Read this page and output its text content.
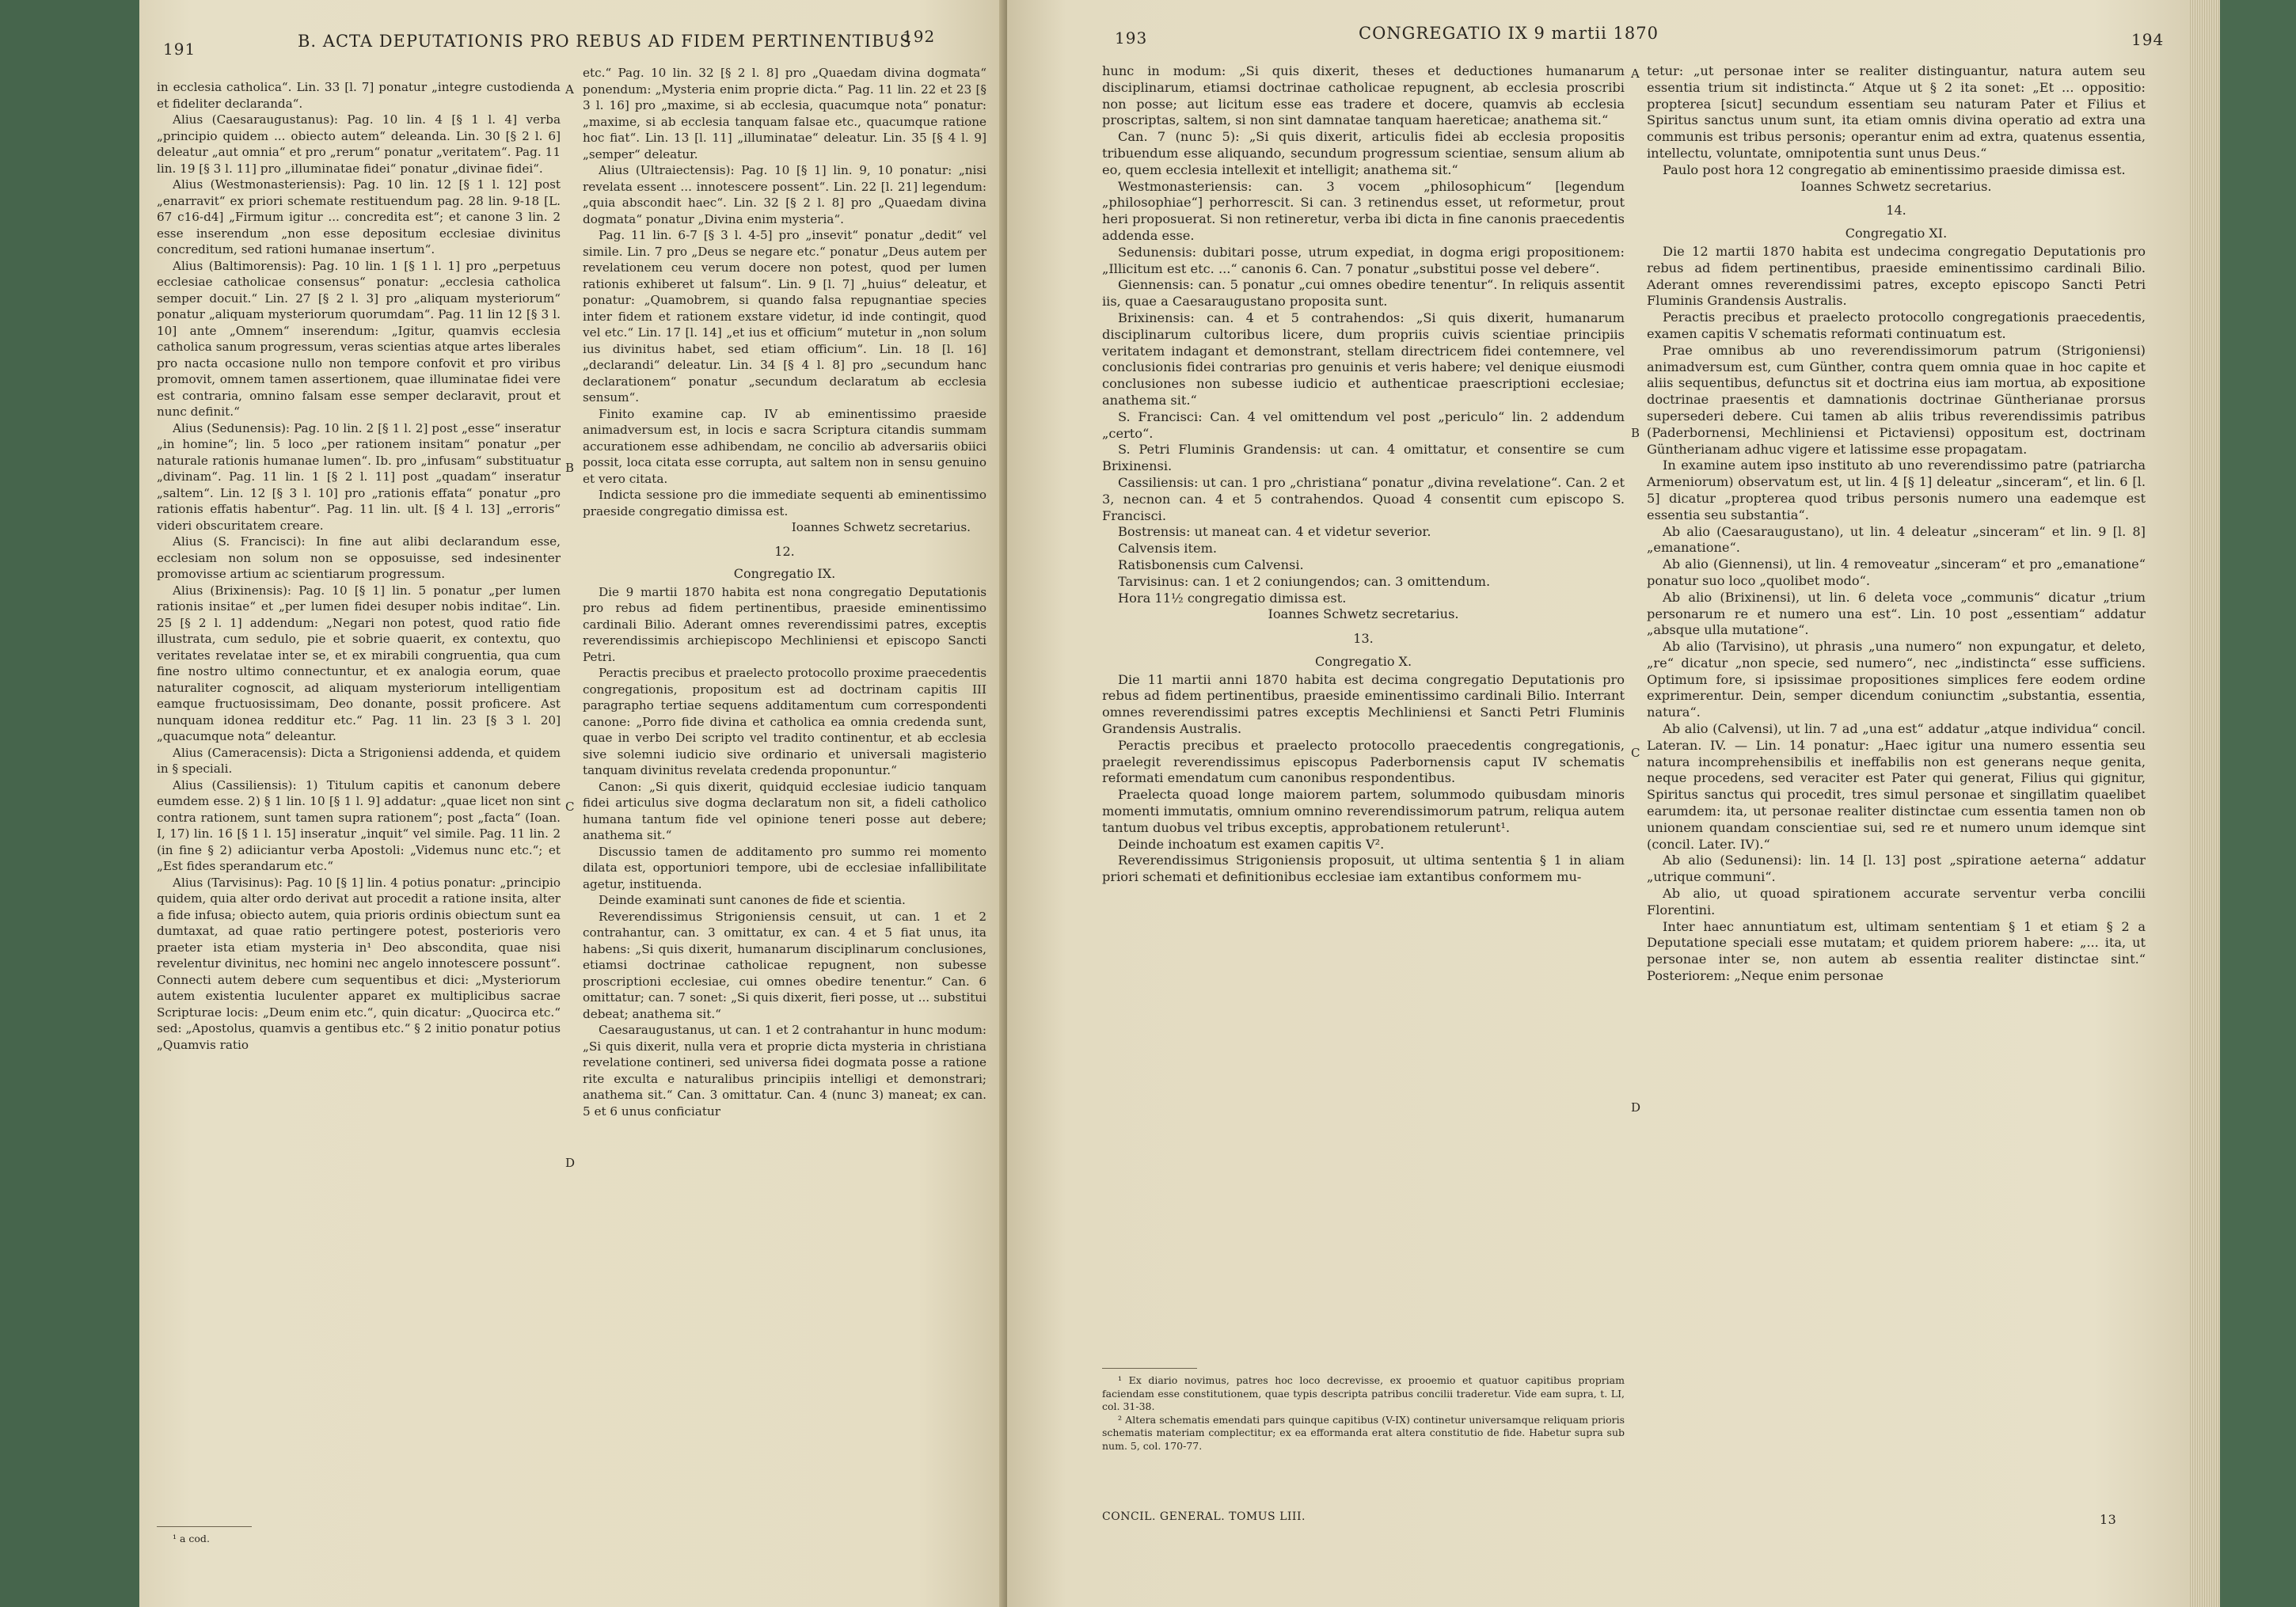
191	B. ACTA DEPUTATIONIS PRO REBUS AD FIDEM PERTINENTIBUS
192

in ecclesia catholica“. Lin. 33 [l. 7] ponatur „integre custodienda et fideliter declaranda“.

Alius (Caesaraugustanus): Pag. 10 lin. 4 [§ 1 l. 4] verba „principio quidem ... obiecto autem“ deleanda. Lin. 30 [§ 2 l. 6] deleatur „aut omnia“ et pro „rerum“ ponatur „veritatem“. Pag. 11 lin. 19 [§ 3 l. 11] pro „illuminatae fidei“ ponatur „divinae fidei“.

Alius (Westmonasteriensis): Pag. 10 lin. 12 [§ 1 l. 12] post „enarravit“ ex priori schemate restituendum pag. 28 lin. 9-18 [L. 67 c16-d4] „Firmum igitur ... concredita est“; et canone 3 lin. 2 esse inserendum „non esse depositum ecclesiae divinitus concreditum, sed rationi humanae insertum“.

Alius (Baltimorensis): Pag. 10 lin. 1 [§ 1 l. 1] pro „perpetuus ecclesiae catholicae consensus“ ponatur: „ecclesia catholica semper docuit.“ Lin. 27 [§ 2 l. 3] pro „aliquam mysteriorum“ ponatur „aliquam mysteriorum quorumdam“. Pag. 11 lin 12 [§ 3 l. 10] ante „Omnem“ inserendum: „Igitur, quamvis ecclesia catholica sanum progressum, veras scientias atque artes liberales pro nacta occasione nullo non tempore confovit et pro viribus promovit, omnem tamen assertionem, quae illuminatae fidei vere est contraria, omnino falsam esse semper declaravit, prout et nunc definit.“

Alius (Sedunensis): Pag. 10 lin. 2 [§ 1 l. 2] post „esse“ inseratur „in homine“; lin. 5 loco „per rationem insitam“ ponatur „per naturale rationis humanae lumen“. Ib. pro „infusam“ substituatur „divinam“. Pag. 11 lin. 1 [§ 2 l. 11] post „quadam“ inseratur „saltem“. Lin. 12 [§ 3 l. 10] pro „rationis effata“ ponatur „pro rationis effatis habentur“. Pag. 11 lin. ult. [§ 4 l. 13] „erroris“ videri obscuritatem creare.

Alius (S. Francisci): In fine aut alibi declarandum esse, ecclesiam non solum non se opposuisse, sed indesinenter promovisse artium ac scientiarum progressum.

Alius (Brixinensis): Pag. 10 [§ 1] lin. 5 ponatur „per lumen rationis insitae“ et „per lumen fidei desuper nobis inditae“. Lin. 25 [§ 2 l. 1] addendum: „Negari non potest, quod ratio fide illustrata, cum sedulo, pie et sobrie quaerit, ex contextu, quo veritates revelatae inter se, et ex mirabili congruentia, qua cum fine nostro ultimo connectuntur, et ex analogia eorum, quae naturaliter cognoscit, ad aliquam mysteriorum intelligentiam eamque fructuosissimam, Deo donante, possit proficere. Ast nunquam idonea redditur etc.“ Pag. 11 lin. 23 [§ 3 l. 20] „quacumque nota“ deleantur.

Alius (Cameracensis): Dicta a Strigoniensi addenda, et quidem in § speciali.

Alius (Cassiliensis): 1) Titulum capitis et canonum debere eumdem esse. 2) § 1 lin. 10 [§ 1 l. 9] addatur: „quae licet non sint contra rationem, sunt tamen supra rationem“; post „facta“ (Ioan. I, 17) lin. 16 [§ 1 l. 15] inseratur „inquit“ vel simile. Pag. 11 lin. 2 (in fine § 2) adiiciantur verba Apostoli: „Videmus nunc etc.“; et „Est fides sperandarum etc.“

Alius (Tarvisinus): Pag. 10 [§ 1] lin. 4 potius ponatur: „principio quidem, quia alter ordo derivat aut procedit a ratione insita, alter a fide infusa; obiecto autem, quia prioris ordinis obiectum sunt ea dumtaxat, ad quae ratio pertingere potest, posterioris vero praeter ista etiam mysteria in¹ Deo abscondita, quae nisi revelentur divinitus, nec homini nec angelo innotescere possunt“. Connecti autem debere cum sequentibus et dici: „Mysteriorum autem existentia luculenter apparet ex multiplicibus sacrae Scripturae locis: „Deum enim etc.“, quin dicatur: „Quocirca etc.“ sed: „Apostolus, quamvis a gentibus etc.“ § 2 initio ponatur potius „Quamvis ratio

¹ a cod.
A
B
C
D

etc.“ Pag. 10 lin. 32 [§ 2 l. 8] pro „Quaedam divina dogmata“ ponendum: „Mysteria enim proprie dicta.“ Pag. 11 lin. 22 et 23 [§ 3 l. 16] pro „maxime, si ab ecclesia, quacumque nota“ ponatur: „maxime, si ab ecclesia tanquam falsae etc., quacumque ratione hoc fiat“. Lin. 13 [l. 11] „illuminatae“ deleatur. Lin. 35 [§ 4 l. 9] „semper“ deleatur.

Alius (Ultraiectensis): Pag. 10 [§ 1] lin. 9, 10 ponatur: „nisi revelata essent ... innotescere possent“. Lin. 22 [l. 21] legendum: „quia abscondit haec“. Lin. 32 [§ 2 l. 8] pro „Quaedam divina dogmata“ ponatur „Divina enim mysteria“.

Pag. 11 lin. 6-7 [§ 3 l. 4-5] pro „insevit“ ponatur „dedit“ vel simile. Lin. 7 pro „Deus se negare etc.“ ponatur „Deus autem per revelationem ceu verum docere non potest, quod per lumen rationis exhiberet ut falsum“. Lin. 9 [l. 7] „huius“ deleatur, et ponatur: „Quamobrem, si quando falsa repugnantiae species inter fidem et rationem exstare videtur, id inde contingit, quod vel etc.“ Lin. 17 [l. 14] „et ius et officium“ mutetur in „non solum ius divinitus habet, sed etiam officium“. Lin. 18 [l. 16] „declarandi“ deleatur. Lin. 34 [§ 4 l. 8] pro „secundum hanc declarationem“ ponatur „secundum declaratum ab ecclesia sensum“.

Finito examine cap. IV ab eminentissimo praeside animadversum est, in locis e sacra Scriptura citandis summam accurationem esse adhibendam, ne concilio ab adversariis obiici possit, loca citata esse corrupta, aut saltem non in sensu genuino et vero citata.

Indicta sessione pro die immediate sequenti ab eminentissimo praeside congregatio dimissa est.

Ioannes Schwetz secretarius.

12.
Congregatio IX.

Die 9 martii 1870 habita est nona congregatio Deputationis pro rebus ad fidem pertinentibus, praeside eminentissimo cardinali Bilio. Aderant omnes reverendissimi patres, exceptis reverendissimis archiepiscopo Mechliniensi et episcopo Sancti Petri.

Peractis precibus et praelecto protocollo proxime praecedentis congregationis, propositum est ad doctrinam capitis III paragrapho tertiae sequens additamentum cum correspondenti canone: „Porro fide divina et catholica ea omnia credenda sunt, quae in verbo Dei scripto vel tradito continentur, et ab ecclesia sive solemni iudicio sive ordinario et universali magisterio tanquam divinitus revelata credenda proponuntur.“

Canon: „Si quis dixerit, quidquid ecclesiae iudicio tanquam fidei articulus sive dogma declaratum non sit, a fideli catholico humana tantum fide vel opinione teneri posse aut debere; anathema sit.“

Discussio tamen de additamento pro summo rei momento dilata est, opportuniori tempore, ubi de ecclesiae infallibilitate agetur, instituenda.

Deinde examinati sunt canones de fide et scientia.

Reverendissimus Strigoniensis censuit, ut can. 1 et 2 contrahantur, can. 3 omittatur, ex can. 4 et 5 fiat unus, ita habens: „Si quis dixerit, humanarum disciplinarum conclusiones, etiamsi doctrinae catholicae repugnent, non subesse proscriptioni ecclesiae, cui omnes obedire tenentur.“ Can. 6 omittatur; can. 7 sonet: „Si quis dixerit, fieri posse, ut ... substitui debeat; anathema sit.“

Caesaraugustanus, ut can. 1 et 2 contrahantur in hunc modum: „Si quis dixerit, nulla vera et proprie dicta mysteria in christiana revelatione contineri, sed universa fidei dogmata posse a ratione rite exculta e naturalibus principiis intelligi et demonstrari; anathema sit.“ Can. 3 omittatur. Can. 4 (nunc 3) maneat; ex can. 5 et 6 unus conficiatur

193	CONGREGATIO IX 9 martii 1870	194

hunc in modum: „Si quis dixerit, theses et deductiones humanarum disciplinarum, etiamsi doctrinae catholicae repugnent, ab ecclesia proscribi non posse; aut licitum esse eas tradere et docere, quamvis ab ecclesia proscriptas, saltem, si non sint damnatae tanquam haereticae; anathema sit.“

Can. 7 (nunc 5): „Si quis dixerit, articulis fidei ab ecclesia propositis tribuendum esse aliquando, secundum progressum scientiae, sensum alium ab eo, quem ecclesia intellexit et intelligit; anathema sit.“

Westmonasteriensis: can. 3 vocem „philosophicum“ [legendum „philosophiae“] perhorrescit. Si can. 3 retinendus esset, ut reformetur, prout heri proposuerat. Si non retineretur, verba ibi dicta in fine canonis praecedentis addenda esse.

Sedunensis: dubitari posse, utrum expediat, in dogma erigi propositionem: „Illicitum est etc. ...“ canonis 6. Can. 7 ponatur „substitui posse vel debere“.

Giennensis: can. 5 ponatur „cui omnes obedire tenentur“. In reliquis assentit iis, quae a Caesaraugustano proposita sunt.

Brixinensis: can. 4 et 5 contrahendos: „Si quis dixerit, humanarum disciplinarum cultoribus licere, dum propriis cuivis scientiae principiis veritatem indagant et demonstrant, stellam directricem fidei contemnere, vel conclusionis fidei contrarias pro genuinis et veris habere; vel denique eiusmodi conclusiones non subesse iudicio et authenticae praescriptioni ecclesiae; anathema sit.“

S. Francisci: Can. 4 vel omittendum vel post „periculo“ lin. 2 addendum „certo“.

S. Petri Fluminis Grandensis: ut can. 4 omittatur, et consentire se cum Brixinensi.

Cassiliensis: ut can. 1 pro „christiana“ ponatur „divina revelatione“. Can. 2 et 3, necnon can. 4 et 5 contrahendos. Quoad 4 consentit cum episcopo S. Francisci.

Bostrensis: ut maneat can. 4 et videtur severior.

Calvensis item.

Ratisbonensis cum Calvensi.

Tarvisinus: can. 1 et 2 coniungendos; can. 3 omittendum.

Hora 11½ congregatio dimissa est.

Ioannes Schwetz secretarius.

13.
Congregatio X.

Die 11 martii anni 1870 habita est decima congregatio Deputationis pro rebus ad fidem pertinentibus, praeside eminentissimo cardinali Bilio. Interrant omnes reverendissimi patres exceptis Mechliniensi et Sancti Petri Fluminis Grandensis Australis.

Peractis precibus et praelecto protocollo praecedentis congregationis, praelegit reverendissimus episcopus Paderbornensis caput IV schematis reformati emendatum cum canonibus respondentibus.

Praelecta quoad longe maiorem partem, solummodo quibusdam minoris momenti immutatis, omnium omnino reverendissimorum patrum, reliqua autem tantum duobus vel tribus exceptis, approbationem retulerunt¹.

Deinde inchoatum est examen capitis V².

Reverendissimus Strigoniensis proposuit, ut ultima sententia § 1 in aliam priori schemati et definitionibus ecclesiae iam extantibus conformem mu-

¹ Ex diario novimus, patres hoc loco decrevisse, ex prooemio et quatuor capitibus propriam faciendam esse constitutionem, quae typis descripta patribus concilii traderetur. Vide eam supra, t. LI, col. 31-38.

² Altera schematis emendati pars quinque capitibus (V-IX) continetur universamque reliquam prioris schematis materiam complectitur; ex ea efformanda erat altera constitutio de fide. Habetur supra sub num. 5, col. 170-77.

CONCIL. GENERAL. TOMUS LIII.
A
B
C
D

tetur: „ut personae inter se realiter distinguantur, natura autem seu essentia trium sit indistincta.“ Atque ut § 2 ita sonet: „Et ... oppositio: propterea [sicut] secundum essentiam seu naturam Pater et Filius et Spiritus sanctus unum sunt, ita etiam omnis divina operatio ad extra una communis est tribus personis; operantur enim ad extra, quatenus essentia, intellectu, voluntate, omnipotentia sunt unus Deus.“

Paulo post hora 12 congregatio ab eminentissimo praeside dimissa est.

Ioannes Schwetz secretarius.

14.
Congregatio XI.

Die 12 martii 1870 habita est undecima congregatio Deputationis pro rebus ad fidem pertinentibus, praeside eminentissimo cardinali Bilio. Aderant omnes reverendissimi patres, excepto episcopo Sancti Petri Fluminis Grandensis Australis.

Peractis precibus et praelecto protocollo congregationis praecedentis, examen capitis V schematis reformati continuatum est.

Prae omnibus ab uno reverendissimorum patrum (Strigoniensi) animadversum est, cum Günther, contra quem omnia quae in hoc capite et aliis sequentibus, defunctus sit et doctrina eius iam mortua, ab expositione doctrinae praesentis et damnationis doctrinae Güntherianae prorsus supersederi debere. Cui tamen ab aliis tribus reverendissimis patribus (Paderbornensi, Mechliniensi et Pictaviensi) oppositum est, doctrinam Güntherianam adhuc vigere et latissime esse propagatam.

In examine autem ipso instituto ab uno reverendissimo patre (patriarcha Armeniorum) observatum est, ut lin. 4 [§ 1] deleatur „sinceram“, et lin. 6 [l. 5] dicatur „propterea quod tribus personis numero una eademque est essentia seu substantia“.

Ab alio (Caesaraugustano), ut lin. 4 deleatur „sinceram“ et lin. 9 [l. 8] „emanatione“.

Ab alio (Giennensi), ut lin. 4 removeatur „sinceram“ et pro „emanatione“ ponatur suo loco „quolibet modo“.

Ab alio (Brixinensi), ut lin. 6 deleta voce „communis“ dicatur „trium personarum re et numero una est“. Lin. 10 post „essentiam“ addatur „absque ulla mutatione“.

Ab alio (Tarvisino), ut phrasis „una numero“ non expungatur, et deleto, „re“ dicatur „non specie, sed numero“, nec „indistincta“ esse sufficiens. Optimum fore, si ipsissimae propositiones simplices fere eodem ordine exprimerentur. Dein, semper dicendum coniunctim „substantia, essentia, natura“.

Ab alio (Calvensi), ut lin. 7 ad „una est“ addatur „atque individua“ concil. Lateran. IV. — Lin. 14 ponatur: „Haec igitur una numero essentia seu natura incomprehensibilis et ineffabilis non est generans neque genita, neque procedens, sed veraciter est Pater qui generat, Filius qui gignitur, Spiritus sanctus qui procedit, tres simul personae et singillatim quaelibet earumdem: ita, ut personae realiter distinctae cum essentia tamen non ob unionem quandam conscientiae sui, sed re et numero unum idemque sint (concil. Later. IV).“

Ab alio (Sedunensi): lin. 14 [l. 13] post „spirationе aeterna“ addatur „utrique communi“.

Ab alio, ut quoad spirationem accurate serventur verba concilii Florentini.

Inter haec annuntiatum est, ultimam sententiam § 1 et etiam § 2 a Deputatione speciali esse mutatam; et quidem priorem habere: „... ita, ut personae inter se, non autem ab essentia realiter distinctae sint.“ Posteriorem: „Neque enim personae

13
